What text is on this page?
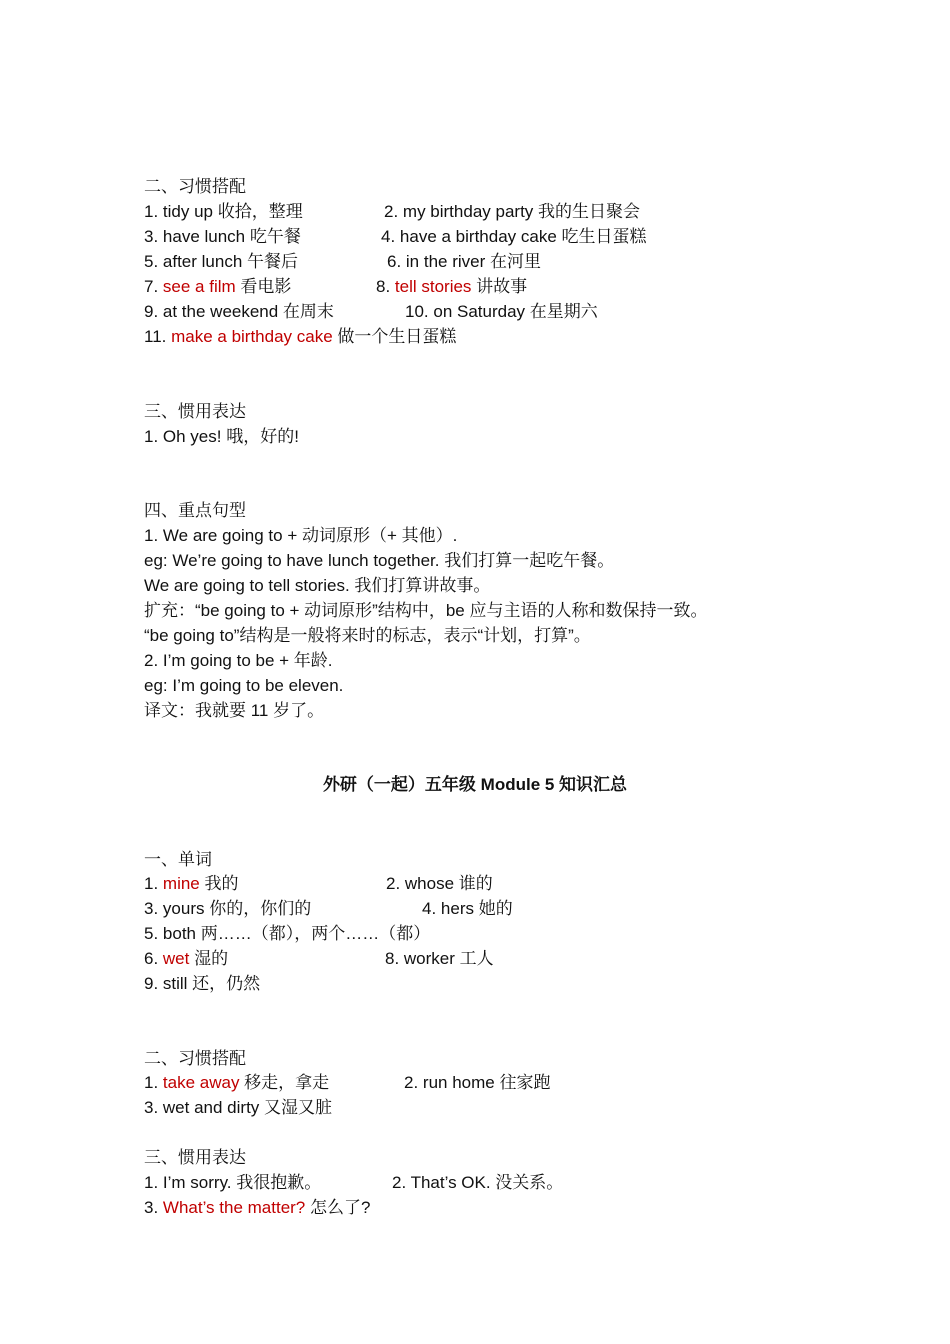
二、习惯搭配
1. tidy up 收拾，整理	2. my birthday party 我的生日聚会
3. have lunch 吃午餐	4. have a birthday cake 吃生日蛋糕
5. after lunch 午餐后	6. in the river 在河里
7. see a film 看电影	8. tell stories 讲故事
9. at the weekend 在周末	10. on Saturday 在星期六
11. make a birthday cake 做一个生日蛋糕
三、惯用表达
1. Oh yes! 哦，好的!
四、重点句型
1. We are going to + 动词原形（+ 其他）.
eg: We’re going to have lunch together. 我们打算一起吃午餐。
We are going to tell stories. 我们打算讲故事。
扩充：“be going to + 动词原形”结构中，be 应与主语的人称和数保持一致。
“be going to”结构是一般将来时的标志，表示“计划，打算”。
2. I’m going to be + 年龄.
eg: I’m going to be eleven.
译文：我就要 11 岁了。
外研（一起）五年级 Module 5 知识汇总
一、单词
1. mine 我的	2. whose 谁的
3. yours 你的，你们的	4. hers 她的
5. both 两……（都），两个……（都）
6. wet 湿的	8. worker 工人
9. still 还，仍然
二、习惯搭配
1. take away 移走，拿走	2. run home 往家跑
3. wet and dirty 又湿又脏
三、惯用表达
1. I’m sorry. 我很抱歉。	2. That’s OK. 没关系。
3. What’s the matter? 怎么了?
